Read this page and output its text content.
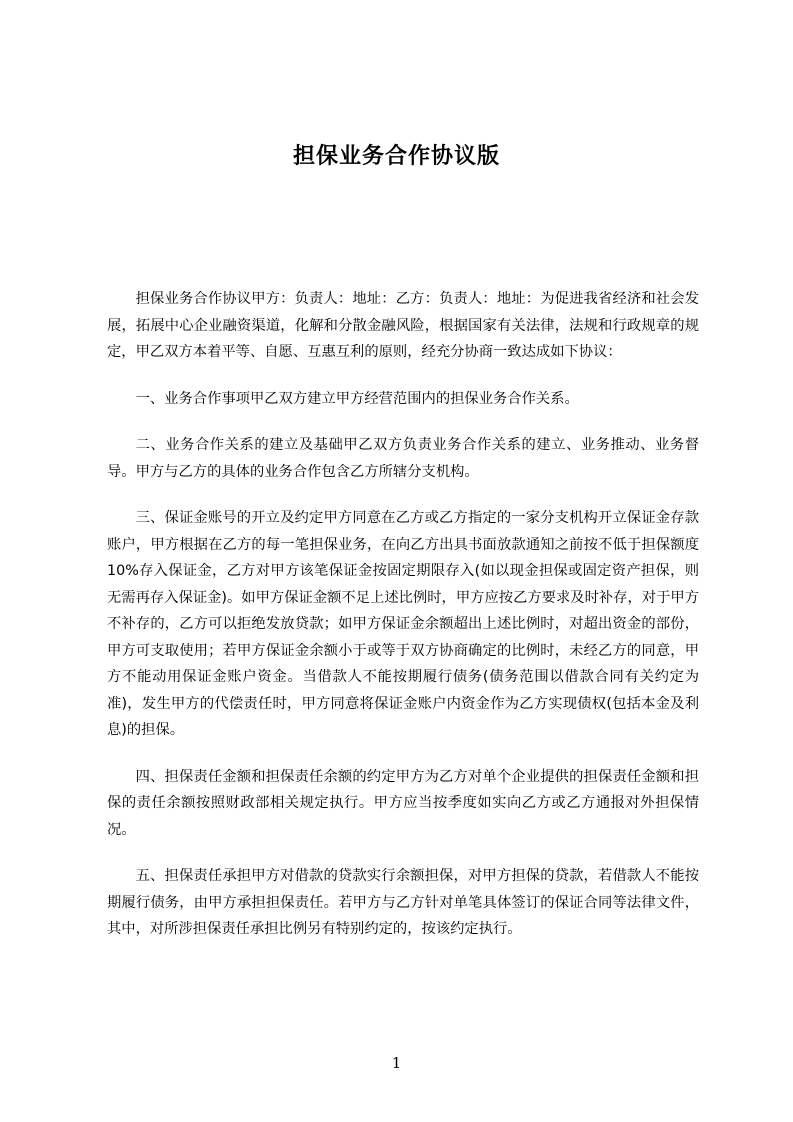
担保业务合作协议版

担保业务合作协议甲方：负责人：地址：乙方：负责人：地址：为促进我省经济和社会发展，拓展中心企业融资渠道，化解和分散金融风险，根据国家有关法律，法规和行政规章的规定，甲乙双方本着平等、自愿、互惠互利的原则，经充分协商一致达成如下协议：

一、业务合作事项甲乙双方建立甲方经营范围内的担保业务合作关系。

二、业务合作关系的建立及基础甲乙双方负责业务合作关系的建立、业务推动、业务督导。甲方与乙方的具体的业务合作包含乙方所辖分支机构。

三、保证金账号的开立及约定甲方同意在乙方或乙方指定的一家分支机构开立保证金存款账户，甲方根据在乙方的每一笔担保业务，在向乙方出具书面放款通知之前按不低于担保额度10%存入保证金，乙方对甲方该笔保证金按固定期限存入(如以现金担保或固定资产担保，则无需再存入保证金)。如甲方保证金额不足上述比例时，甲方应按乙方要求及时补存，对于甲方不补存的，乙方可以拒绝发放贷款；如甲方保证金余额超出上述比例时，对超出资金的部份，甲方可支取使用；若甲方保证金余额小于或等于双方协商确定的比例时，未经乙方的同意，甲方不能动用保证金账户资金。当借款人不能按期履行债务(债务范围以借款合同有关约定为准)，发生甲方的代偿责任时，甲方同意将保证金账户内资金作为乙方实现债权(包括本金及利息)的担保。

四、担保责任金额和担保责任余额的约定甲方为乙方对单个企业提供的担保责任金额和担保的责任余额按照财政部相关规定执行。甲方应当按季度如实向乙方或乙方通报对外担保情况。

五、担保责任承担甲方对借款的贷款实行余额担保，对甲方担保的贷款，若借款人不能按期履行债务，由甲方承担担保责任。若甲方与乙方针对单笔具体签订的保证合同等法律文件，其中，对所涉担保责任承担比例另有特别约定的，按该约定执行。

1
